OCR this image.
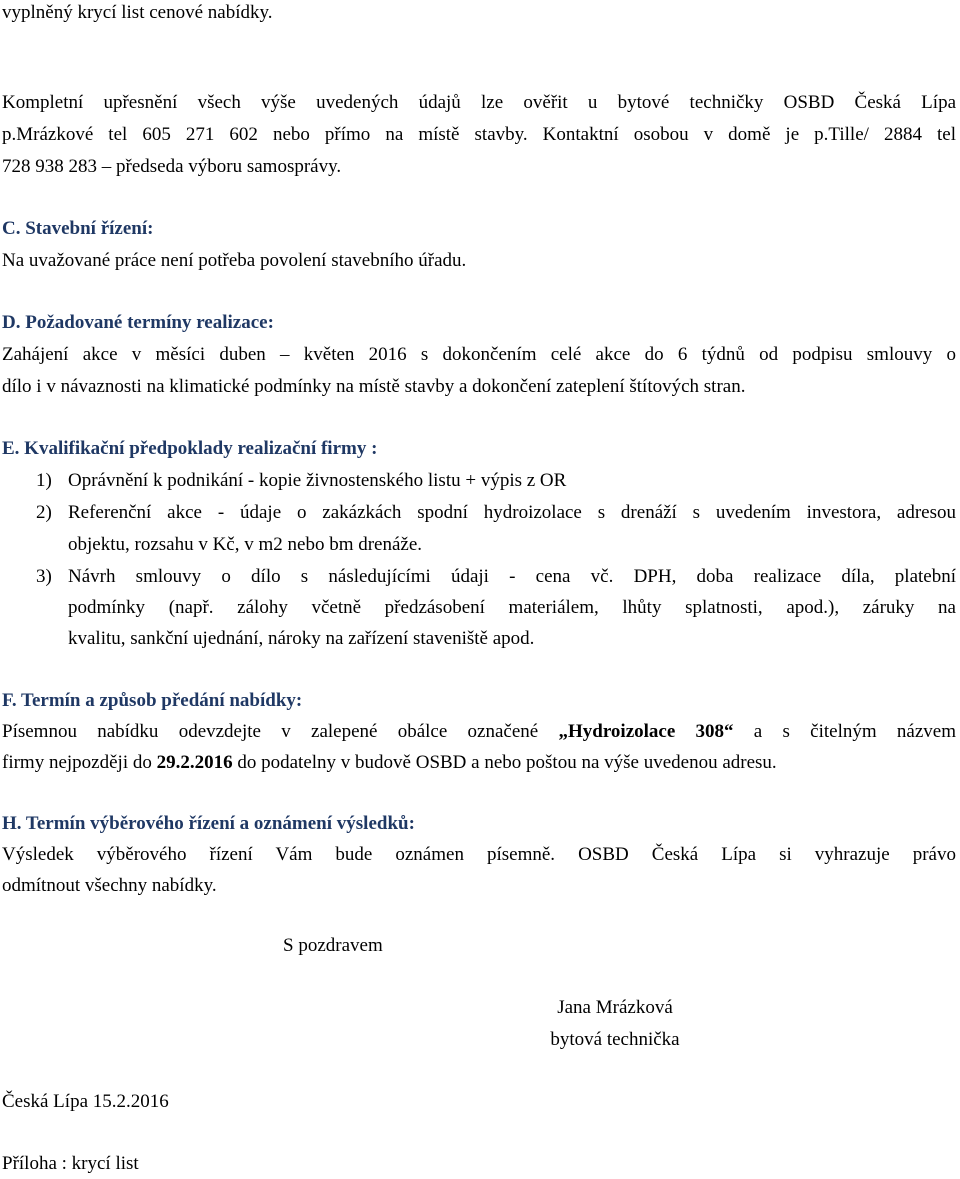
vyplněný krycí list cenové nabídky.
Kompletní upřesnění všech výše uvedených údajů lze ověřit u bytové techničky OSBD Česká Lípa
p.Mrázkové tel 605 271 602 nebo přímo na místě stavby. Kontaktní osobou v domě je p.Tille/ 2884 tel
728 938 283 – předseda výboru samosprávy.
C. Stavební řízení:
Na uvažované práce není potřeba povolení stavebního úřadu.
D. Požadované termíny realizace:
Zahájení akce v měsíci duben – květen 2016 s dokončením celé akce do 6 týdnů od podpisu smlouvy o
dílo i v návaznosti na klimatické podmínky na místě stavby a dokončení zateplení štítových stran.
E. Kvalifikační předpoklady realizační firmy :
1) Oprávnění k podnikání - kopie živnostenského listu + výpis z OR
2) Referenční akce - údaje o zakázkách spodní hydroizolace s drenáží s uvedením investora, adresou
objektu, rozsahu v Kč, v m2 nebo bm drenáže.
3) Návrh smlouvy o dílo s následujícími údaji - cena vč. DPH, doba realizace díla, platební
podmínky (např. zálohy včetně předzásobení materiálem, lhůty splatnosti, apod.), záruky na
kvalitu, sankční ujednání, nároky na zařízení staveniště apod.
F. Termín a způsob předání nabídky:
Písemnou nabídku odevzdejte v zalepené obálce označené „Hydroizolace 308“ a s čitelným názvem
firmy nejpozději do 29.2.2016 do podatelny v budově OSBD a nebo poštou na výše uvedenou adresu.
H. Termín výběrového řízení a oznámení výsledků:
Výsledek výběrového řízení Vám bude oznámen písemně. OSBD Česká Lípa si vyhrazuje právo
odmítnout všechny nabídky.
S pozdravem
Jana Mrázková
bytová technička
Česká Lípa 15.2.2016
Příloha : krycí list
